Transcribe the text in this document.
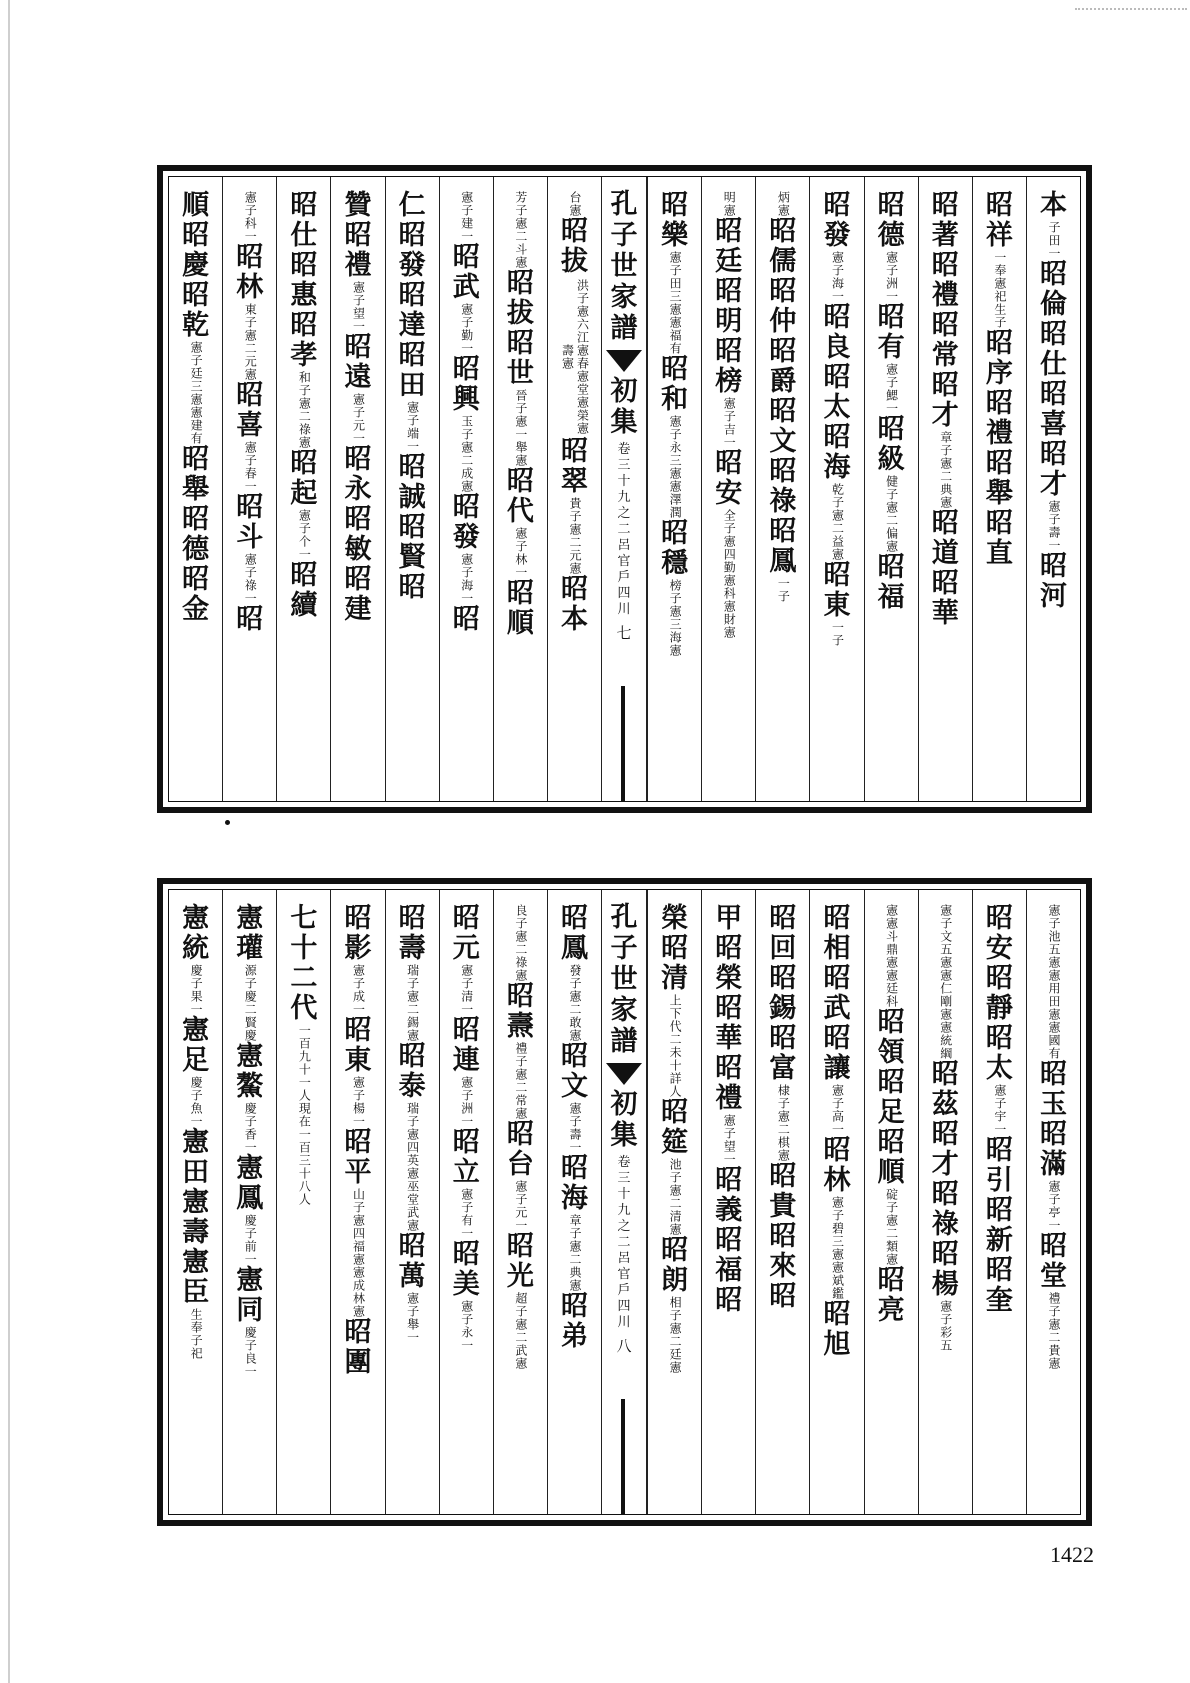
本
子田一
昭
倫
昭
仕
昭
喜
昭
才
憲子壽一
昭
河
昭
祥
一奉憲祀生子
昭
序
昭
禮
昭
舉
昭
直
昭
著
昭
禮
昭
常
昭
才
章子憲二典憲
昭
道
昭
華
昭
德
憲子洲一
昭
有
憲子鰓一
昭
級
健子憲二偏憲
昭
福
昭
發
憲子海一
昭
良
昭
太
昭
海
乾子憲二益憲
昭
東
一子
炳憲
昭
儒
昭
仲
昭
爵
昭
文
昭
祿
昭
鳳
一子
明憲
昭
廷
昭
明
昭
榜
憲子吉一
昭
安
全子憲四勤憲科憲財憲
昭
樂
憲子田三憲憲福有
昭
和
憲子永三憲憲澤潤
昭
穩
榜子憲三海憲
孔
子
世
家
譜
初
集
卷
三
十
九
之
二
呂
官
戶
四
川
七
台憲
昭
拔
洪子憲六江憲春憲堂憲榮憲壽憲
昭
翠
貴子憲二元憲
昭
本
芳子憲二斗憲
昭
拔
昭
世
晉子憲一舉憲
昭
代
憲子林一
昭
順
憲子建一
昭
武
憲子勤一
昭
興
玉子憲二成憲
昭
發
憲子海一
昭
仁
昭
發
昭
達
昭
田
憲子端一
昭
誠
昭
賢
昭
贊
昭
禮
憲子望一
昭
遠
憲子元一
昭
永
昭
敏
昭
建
昭
仕
昭
惠
昭
孝
和子憲二祿憲
昭
起
憲子个一
昭
續
憲子科一
昭
林
東子憲二元憲
昭
喜
憲子春一
昭
斗
憲子祿一
昭
順
昭
慶
昭
乾
憲子廷三憲憲建有
昭
舉
昭
德
昭
金
憲子池五憲憲用田憲憲國有
昭
玉
昭
滿
憲子亭一
昭
堂
禮子憲二貴憲
昭
安
昭
靜
昭
太
憲子宇一
昭
引
昭
新
昭
奎
憲子文五憲憲仁剛憲憲統綱
昭
茲
昭
才
昭
祿
昭
楊
憲子彩五
憲憲斗鼎憲憲廷科
昭
領
昭
足
昭
順
碇子憲二類憲
昭
亮
昭
相
昭
武
昭
讓
憲子高一
昭
林
憲子碧三憲憲斌鑑
昭
旭
昭
回
昭
錫
昭
富
棣子憲二棋憲
昭
貴
昭
來
昭
甲
昭
榮
昭
華
昭
禮
憲子望一
昭
義
昭
福
昭
榮
昭
清
上下代二未十詳人
昭
筵
池子憲二清憲
昭
朗
相子憲二廷憲
孔
子
世
家
譜
初
集
卷
三
十
九
之
二
呂
官
戶
四
川
八
昭
鳳
發子憲二敢憲
昭
文
憲子壽一
昭
海
章子憲二典憲
昭
弟
良子憲二祿憲
昭
燾
禮子憲二常憲
昭
台
憲子元一
昭
光
超子憲二武憲
昭
元
憲子清一
昭
連
憲子洲一
昭
立
憲子有一
昭
美
憲子永一
昭
壽
瑞子憲二錫憲
昭
泰
瑞子憲四英憲巫堂武憲
昭
萬
憲子舉一
昭
影
憲子成一
昭
東
憲子楊一
昭
平
山子憲四福憲憲成林憲
昭
團
七
十
二
代
一百九十一人
現在一百三十八人
憲
瓘
源子慶二賢慶
憲
鰲
慶子香一
憲
鳳
慶子前一
憲
同
慶子良一
憲
統
慶子果一
憲
足
慶子魚一
憲
田
憲
壽
憲
臣
生奉子祀
1422
